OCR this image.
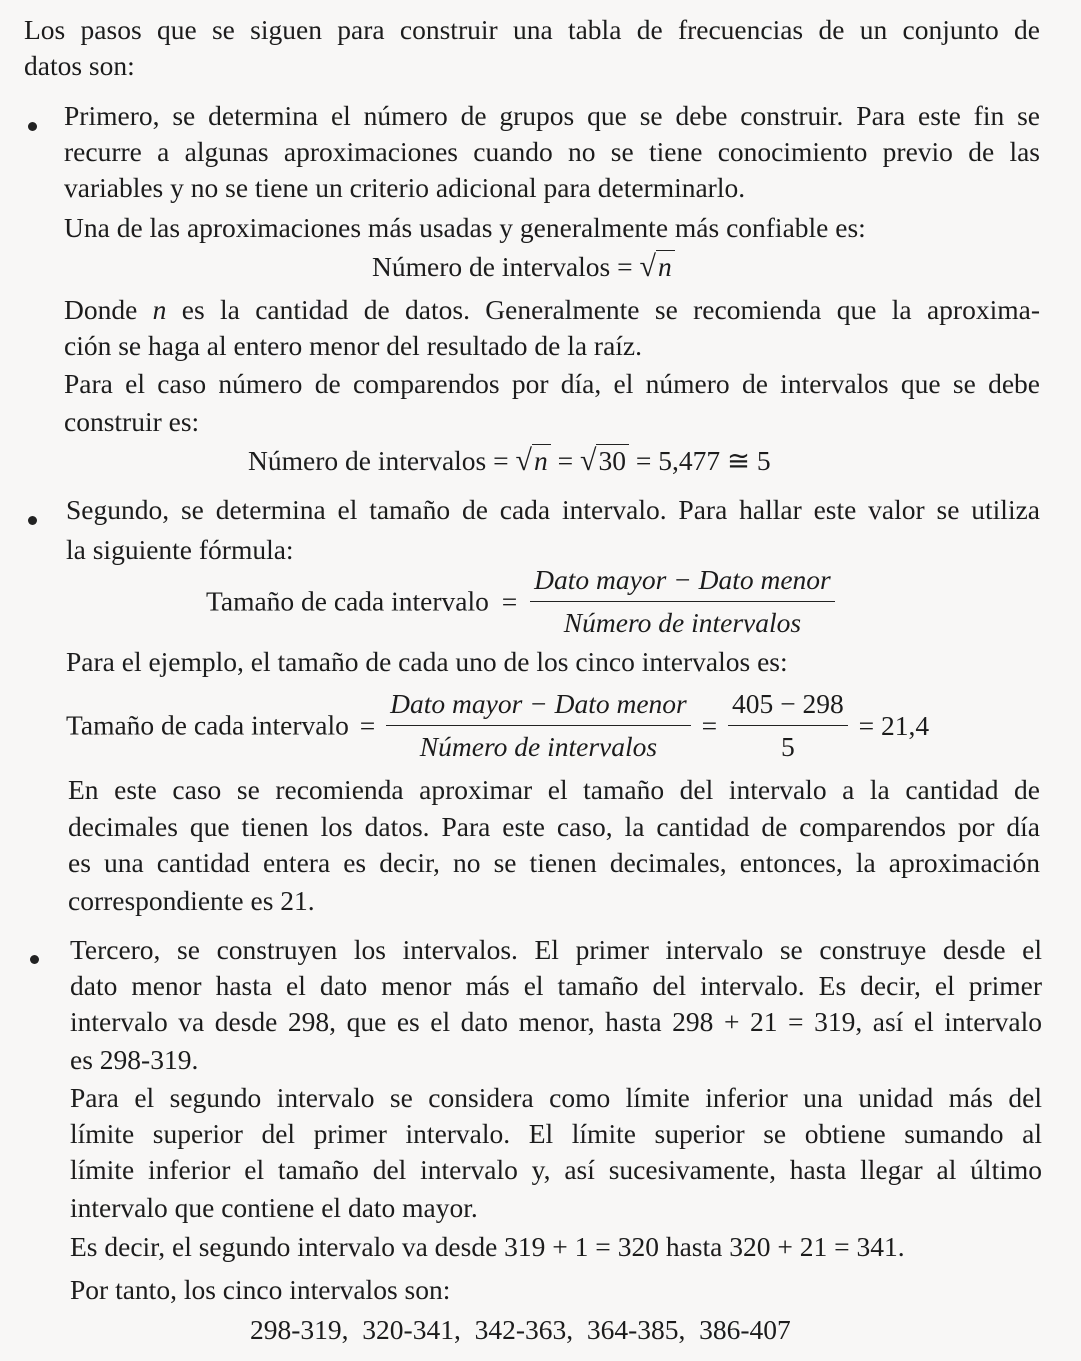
Los pasos que se siguen para construir una tabla de frecuencias de un conjunto de
datos son:
Primero, se determina el número de grupos que se debe construir. Para este fin se
recurre a algunas aproximaciones cuando no se tiene conocimiento previo de las
variables y no se tiene un criterio adicional para determinarlo.
Una de las aproximaciones más usadas y generalmente más confiable es:
Número de intervalos = √n
Donde n es la cantidad de datos. Generalmente se recomienda que la aproxima-
ción se haga al entero menor del resultado de la raíz.
Para el caso número de comparendos por día, el número de intervalos que se debe
construir es:
Número de intervalos = √n = √30 = 5,477 ≅ 5
Segundo, se determina el tamaño de cada intervalo. Para hallar este valor se utiliza
la siguiente fórmula:
Tamaño de cada intervalo = $\frac{\text{Dato mayor − Dato menor}}{\text{Número de intervalos}}$
Para el ejemplo, el tamaño de cada uno de los cinco intervalos es:
Tamaño de cada intervalo = $\frac{\text{Dato mayor − Dato menor}}{\text{Número de intervalos}} = \frac{405 - 298}{5} = 21,4$
En este caso se recomienda aproximar el tamaño del intervalo a la cantidad de
decimales que tienen los datos. Para este caso, la cantidad de comparendos por día
es una cantidad entera es decir, no se tienen decimales, entonces, la aproximación
correspondiente es 21.
Tercero, se construyen los intervalos. El primer intervalo se construye desde el
dato menor hasta el dato menor más el tamaño del intervalo. Es decir, el primer
intervalo va desde 298, que es el dato menor, hasta 298 + 21 = 319, así el intervalo
es 298-319.
Para el segundo intervalo se considera como límite inferior una unidad más del
límite superior del primer intervalo. El límite superior se obtiene sumando al
límite inferior el tamaño del intervalo y, así sucesivamente, hasta llegar al último
intervalo que contiene el dato mayor.
Es decir, el segundo intervalo va desde 319 + 1 = 320 hasta 320 + 21 = 341.
Por tanto, los cinco intervalos son:
298-319,  320-341,  342-363,  364-385,  386-407
